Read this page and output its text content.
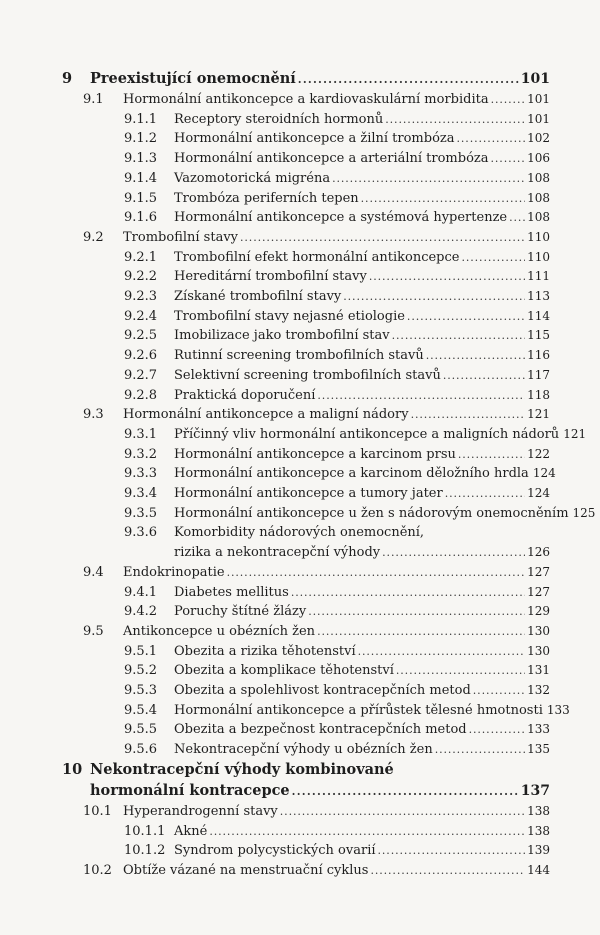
9	Preexistující onemocnění . . .	101
9.1	Hormonální antikoncepce a kardiovaskulární morbidita . . .	101
9.1.1	Receptory steroidních hormonů . . .	101
9.1.2	Hormonální antikoncepce a žilní trombóza . . .	102
9.1.3	Hormonální antikoncepce a arteriální trombóza . . .	106
9.1.4	Vazomotorická migréna . . .	108
9.1.5	Trombóza periferních tepen . . .	108
9.1.6	Hormonální antikoncepce a systémová hypertenze . . . 108
9.2	Trombofilní stavy . . .	110
9.2.1	Trombofilní efekt hormonální antikoncepce . . .	110
9.2.2	Hereditární trombofilní stavy . . .	111
9.2.3	Získané trombofilní stavy . . .	113
9.2.4	Trombofilní stavy nejasné etiologie . . .	114
9.2.5	Imobilizace jako trombofilní stav . . .	115
9.2.6	Rutinní screening trombofilních stavů . . .	116
9.2.7	Selektivní screening trombofilních stavů . . .	117
9.2.8	Praktická doporučení . . .	118
9.3	Hormonální antikoncepce a maligní nádory . . .	121
9.3.1	Příčinný vliv hormonální antikoncepce a maligních nádorů 121
9.3.2	Hormonální antikoncepce a karcinom prsu . . .	122
9.3.3	Hormonální antikoncepce a karcinom děložního hrdla 124
9.3.4	Hormonální antikoncepce a tumory jater . . .	124
9.3.5	Hormonální antikoncepce u žen s nádorovým onemocněním 125
9.3.6	Komorbidity nádorových onemocnění,
rizika a nekontracepční výhody . . .	126
9.4	Endokrinopatie . . .	127
9.4.1	Diabetes mellitus . . .	127
9.4.2	Poruchy štítné žlázy . . .	129
9.5	Antikoncepce u obézních žen . . .	130
9.5.1	Obezita a rizika těhotenství . . .	130
9.5.2	Obezita a komplikace těhotenství . . .	131
9.5.3	Obezita a spolehlivost kontracepčních metod . . .	132
9.5.4	Hormonální antikoncepce a přírůstek tělesné hmotnosti 133
9.5.5	Obezita a bezpečnost kontracepčních metod . . .	133
9.5.6	Nekontracepční výhody u obézních žen . . .	135
10 Nekontracepční výhody kombinované
hormonální kontracepce . . .	137
10.1 Hyperandrogenní stavy . . .	138
10.1.1 Akné . . .	138
10.1.2 Syndrom polycystických ovarií . . .	139
10.2 Obtíže vázané na menstruační cyklus . . .	144
